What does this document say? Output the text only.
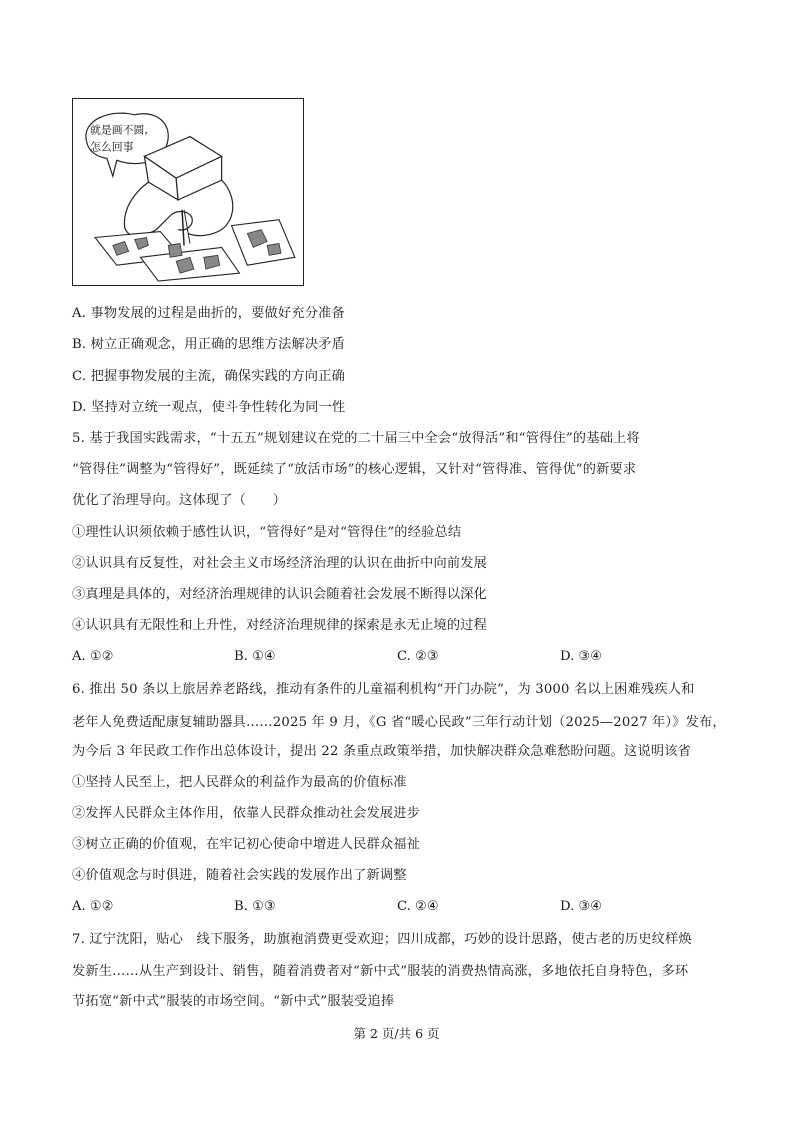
就是画不圆,
怎么回事
A. 事物发展的过程是曲折的，要做好充分准备
B. 树立正确观念，用正确的思维方法解决矛盾
C. 把握事物发展的主流，确保实践的方向正确
D. 坚持对立统一观点，使斗争性转化为同一性
5. 基于我国实践需求，“十五五”规划建议在党的二十届三中全会“放得活”和“管得住”的基础上将
“管得住”调整为“管得好”，既延续了“放活市场”的核心逻辑，又针对“管得准、管得优”的新要求
优化了治理导向。这体现了（　　）
①理性认识须依赖于感性认识，“管得好”是对“管得住”的经验总结
②认识具有反复性，对社会主义市场经济治理的认识在曲折中向前发展
③真理是具体的，对经济治理规律的认识会随着社会发展不断得以深化
④认识具有无限性和上升性，对经济治理规律的探索是永无止境的过程
A. ①②	B. ①④	C. ②③	D. ③④
6. 推出 50 条以上旅居养老路线，推动有条件的儿童福利机构“开门办院”，为 3000 名以上困难残疾人和
老年人免费适配康复辅助器具……2025 年 9 月，《G 省“暖心民政”三年行动计划（2025—2027 年）》发布，
为今后 3 年民政工作作出总体设计，提出 22 条重点政策举措，加快解决群众急难愁盼问题。这说明该省
①坚持人民至上，把人民群众的利益作为最高的价值标准
②发挥人民群众主体作用，依靠人民群众推动社会发展进步
③树立正确的价值观，在牢记初心使命中增进人民群众福祉
④价值观念与时俱进，随着社会实践的发展作出了新调整
A. ①②	B. ①③	C. ②④	D. ③④
7. 辽宁沈阳，贴心　线下服务，助旗袍消费更受欢迎；四川成都，巧妙的设计思路，使古老的历史纹样焕
发新生……从生产到设计、销售，随着消费者对“新中式”服装的消费热情高涨，多地依托自身特色，多环
节拓宽“新中式”服装的市场空间。“新中式”服装受追捧
第 2 页/共 6 页
